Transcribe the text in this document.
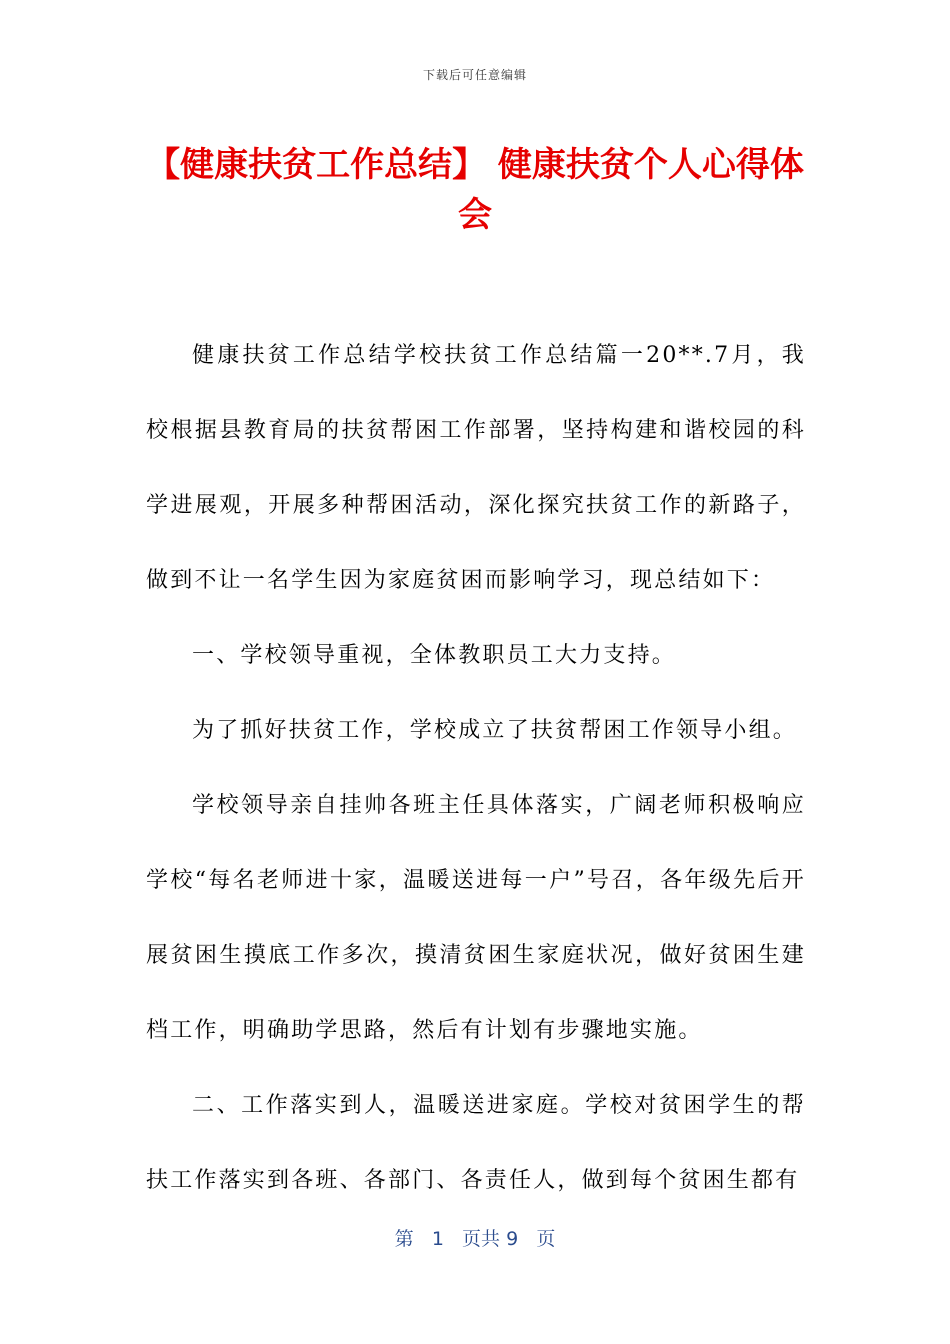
下载后可任意编辑
【健康扶贫工作总结】 健康扶贫个人心得体会

健康扶贫工作总结学校扶贫工作总结篇一20**.7月，我校根据县教育局的扶贫帮困工作部署，坚持构建和谐校园的科学进展观，开展多种帮困活动，深化探究扶贫工作的新路子，做到不让一名学生因为家庭贫困而影响学习，现总结如下：

一、学校领导重视，全体教职员工大力支持。

为了抓好扶贫工作，学校成立了扶贫帮困工作领导小组。

学校领导亲自挂帅各班主任具体落实，广阔老师积极响应学校“每名老师进十家，温暖送进每一户”号召，各年级先后开展贫困生摸底工作多次，摸清贫困生家庭状况，做好贫困生建档工作，明确助学思路，然后有计划有步骤地实施。

二、工作落实到人，温暖送进家庭。学校对贫困学生的帮扶工作落实到各班、各部门、各责任人，做到每个贫困生都有

第 1 页共 9 页
